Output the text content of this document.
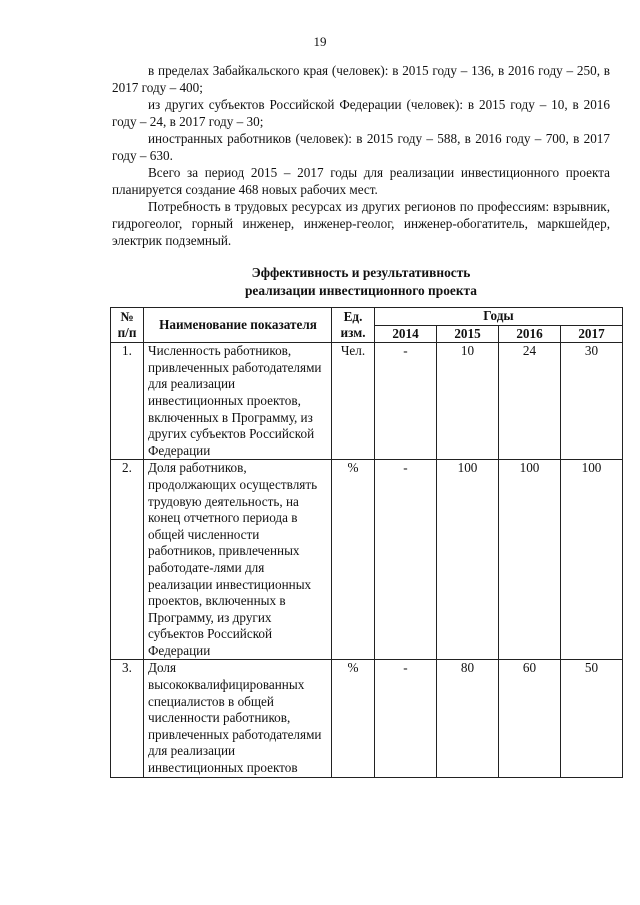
19

в пределах Забайкальского края (человек): в 2015 году – 136, в 2016 году – 250, в 2017 году – 400;

из других субъектов Российской Федерации (человек): в 2015 году – 10, в 2016 году – 24, в 2017 году – 30;

иностранных работников (человек): в 2015 году – 588, в 2016 году – 700, в 2017 году – 630.

Всего за период 2015 – 2017 годы для реализации инвестиционного проекта планируется создание 468 новых рабочих мест.

Потребность в трудовых ресурсах из других регионов по профессиям: взрывник, гидрогеолог, горный инженер, инженер-геолог, инженер-обогатитель, маркшейдер, электрик подземный.

Эффективность и результативность
реализации инвестиционного проекта
№ п/п	Наименование показателя	Ед. изм.	Годы			
			2014	2015	2016	2017
1.	Численность работников, привлеченных работодателями для реализации инвестиционных проектов, включенных в Программу, из других субъектов Российской Федерации	Чел.	-	10	24	30
2.	Доля работников, продолжающих осуществлять трудовую деятельность, на конец отчетного периода в общей численности работников, привлеченных работодате-лями для реализации инвестиционных проектов, включенных в Программу, из других субъектов Российской Федерации	%	-	100	100	100
3.	Доля высококвалифицированных специалистов в общей численности работников, привлеченных работодателями для реализации инвестиционных проектов	%	-	80	60	50
